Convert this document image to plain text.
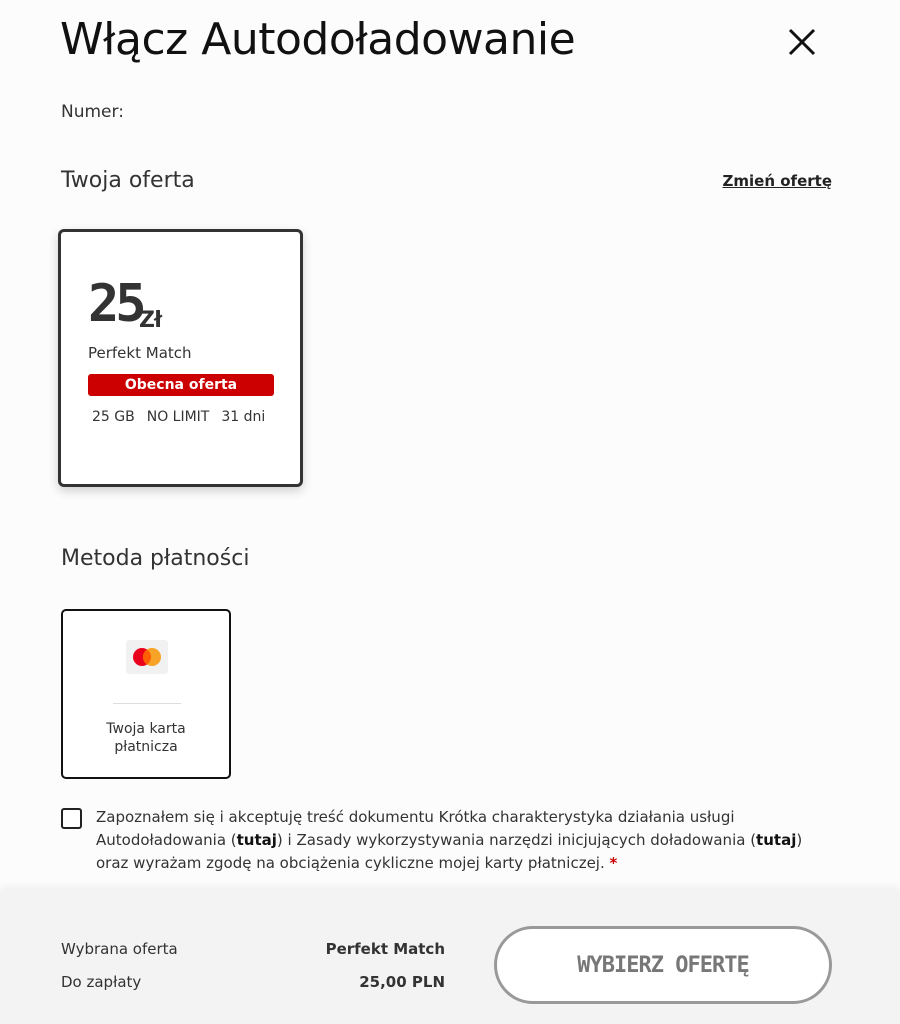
Włącz Autodoładowanie
Numer:
Twoja oferta	Zmień ofertę
25
Zł
Perfekt Match
Obecna oferta
25 GB NO LIMIT 31 dni
Metoda płatności
Twoja karta płatnicza
Zapoznałem się i akceptuję treść dokumentu Krótka charakterystyka działania usługi Autodoładowania (tutaj) i Zasady wykorzystywania narzędzi inicjujących doładowania (tutaj) oraz wyrażam zgodę na obciążenia cykliczne mojej karty płatniczej. *
Wybrana oferta	Perfekt Match
Do zapłaty	25,00 PLN
WYBIERZ OFERTĘ
